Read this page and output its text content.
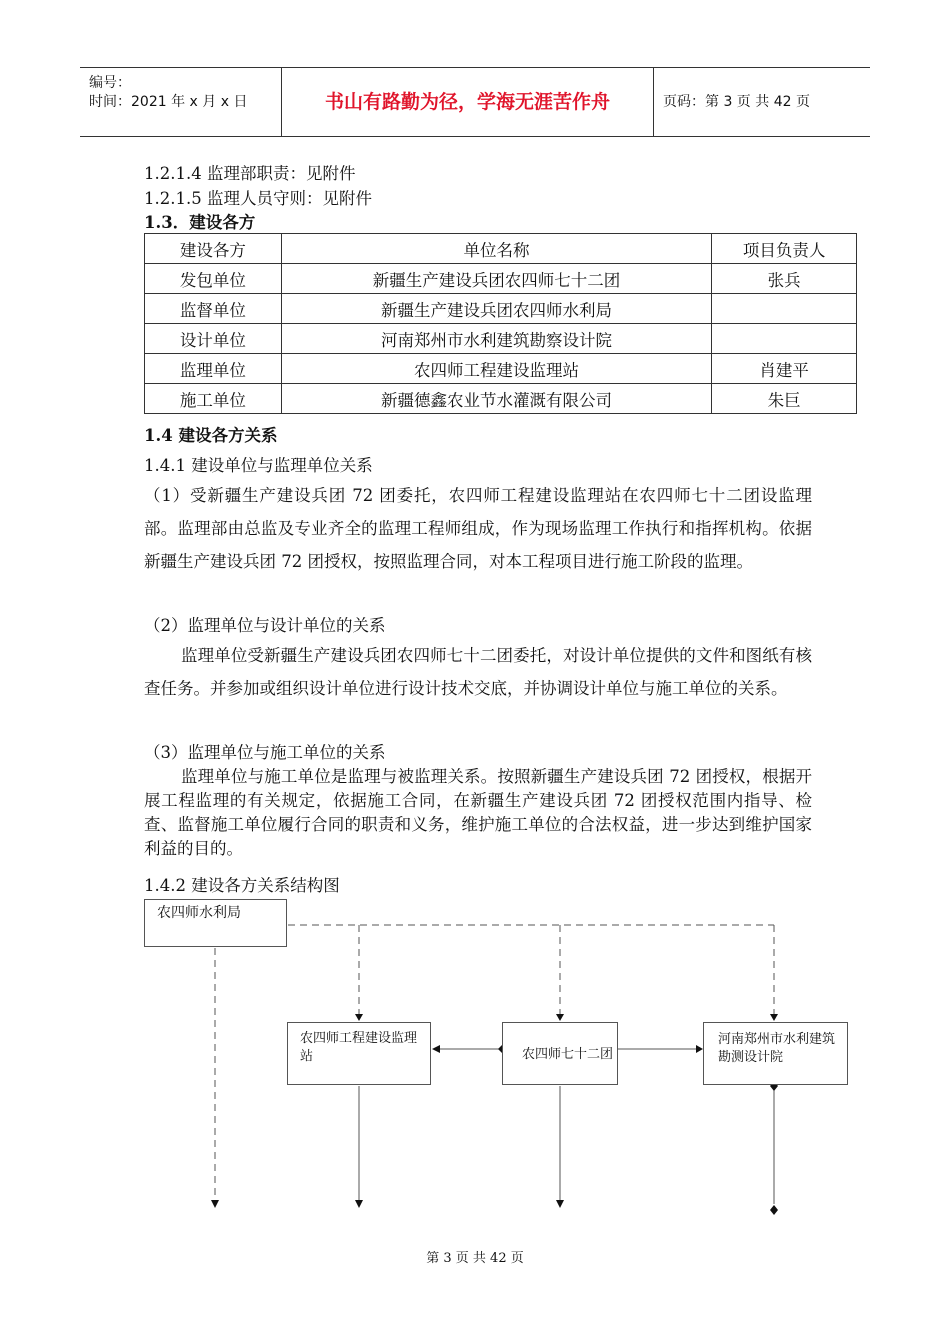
编号：
时间：2021 年 x 月 x 日	书山有路勤为径，学海无涯苦作舟	页码：第 3 页 共 42 页
1.2.1.4 监理部职责：见附件
1.2.1.5 监理人员守则：见附件
1.3．建设各方
建设各方	单位名称	项目负责人
发包单位	新疆生产建设兵团农四师七十二团	张兵
监督单位	新疆生产建设兵团农四师水利局	
设计单位	河南郑州市水利建筑勘察设计院	
监理单位	农四师工程建设监理站	肖建平
施工单位	新疆德鑫农业节水灌溉有限公司	朱巨
1.4 建设各方关系
1.4.1 建设单位与监理单位关系

（1）受新疆生产建设兵团 72 团委托，农四师工程建设监理站在农四师七十二团设监理部。监理部由总监及专业齐全的监理工程师组成，作为现场监理工作执行和指挥机构。依据新疆生产建设兵团 72 团授权，按照监理合同，对本工程项目进行施工阶段的监理。

（2）监理单位与设计单位的关系

监理单位受新疆生产建设兵团农四师七十二团委托，对设计单位提供的文件和图纸有核查任务。并参加或组织设计单位进行设计技术交底，并协调设计单位与施工单位的关系。

（3）监理单位与施工单位的关系

监理单位与施工单位是监理与被监理关系。按照新疆生产建设兵团 72 团授权，根据开展工程监理的有关规定，依据施工合同，在新疆生产建设兵团 72 团授权范围内指导、检查、监督施工单位履行合同的职责和义务，维护施工单位的合法权益，进一步达到维护国家利益的目的。

1.4.2 建设各方关系结构图
农四师水利局
农四师工程建设监理站	农四师七十二团
河南郑州市水利建筑勘测设计院
第 3 页 共 42 页
